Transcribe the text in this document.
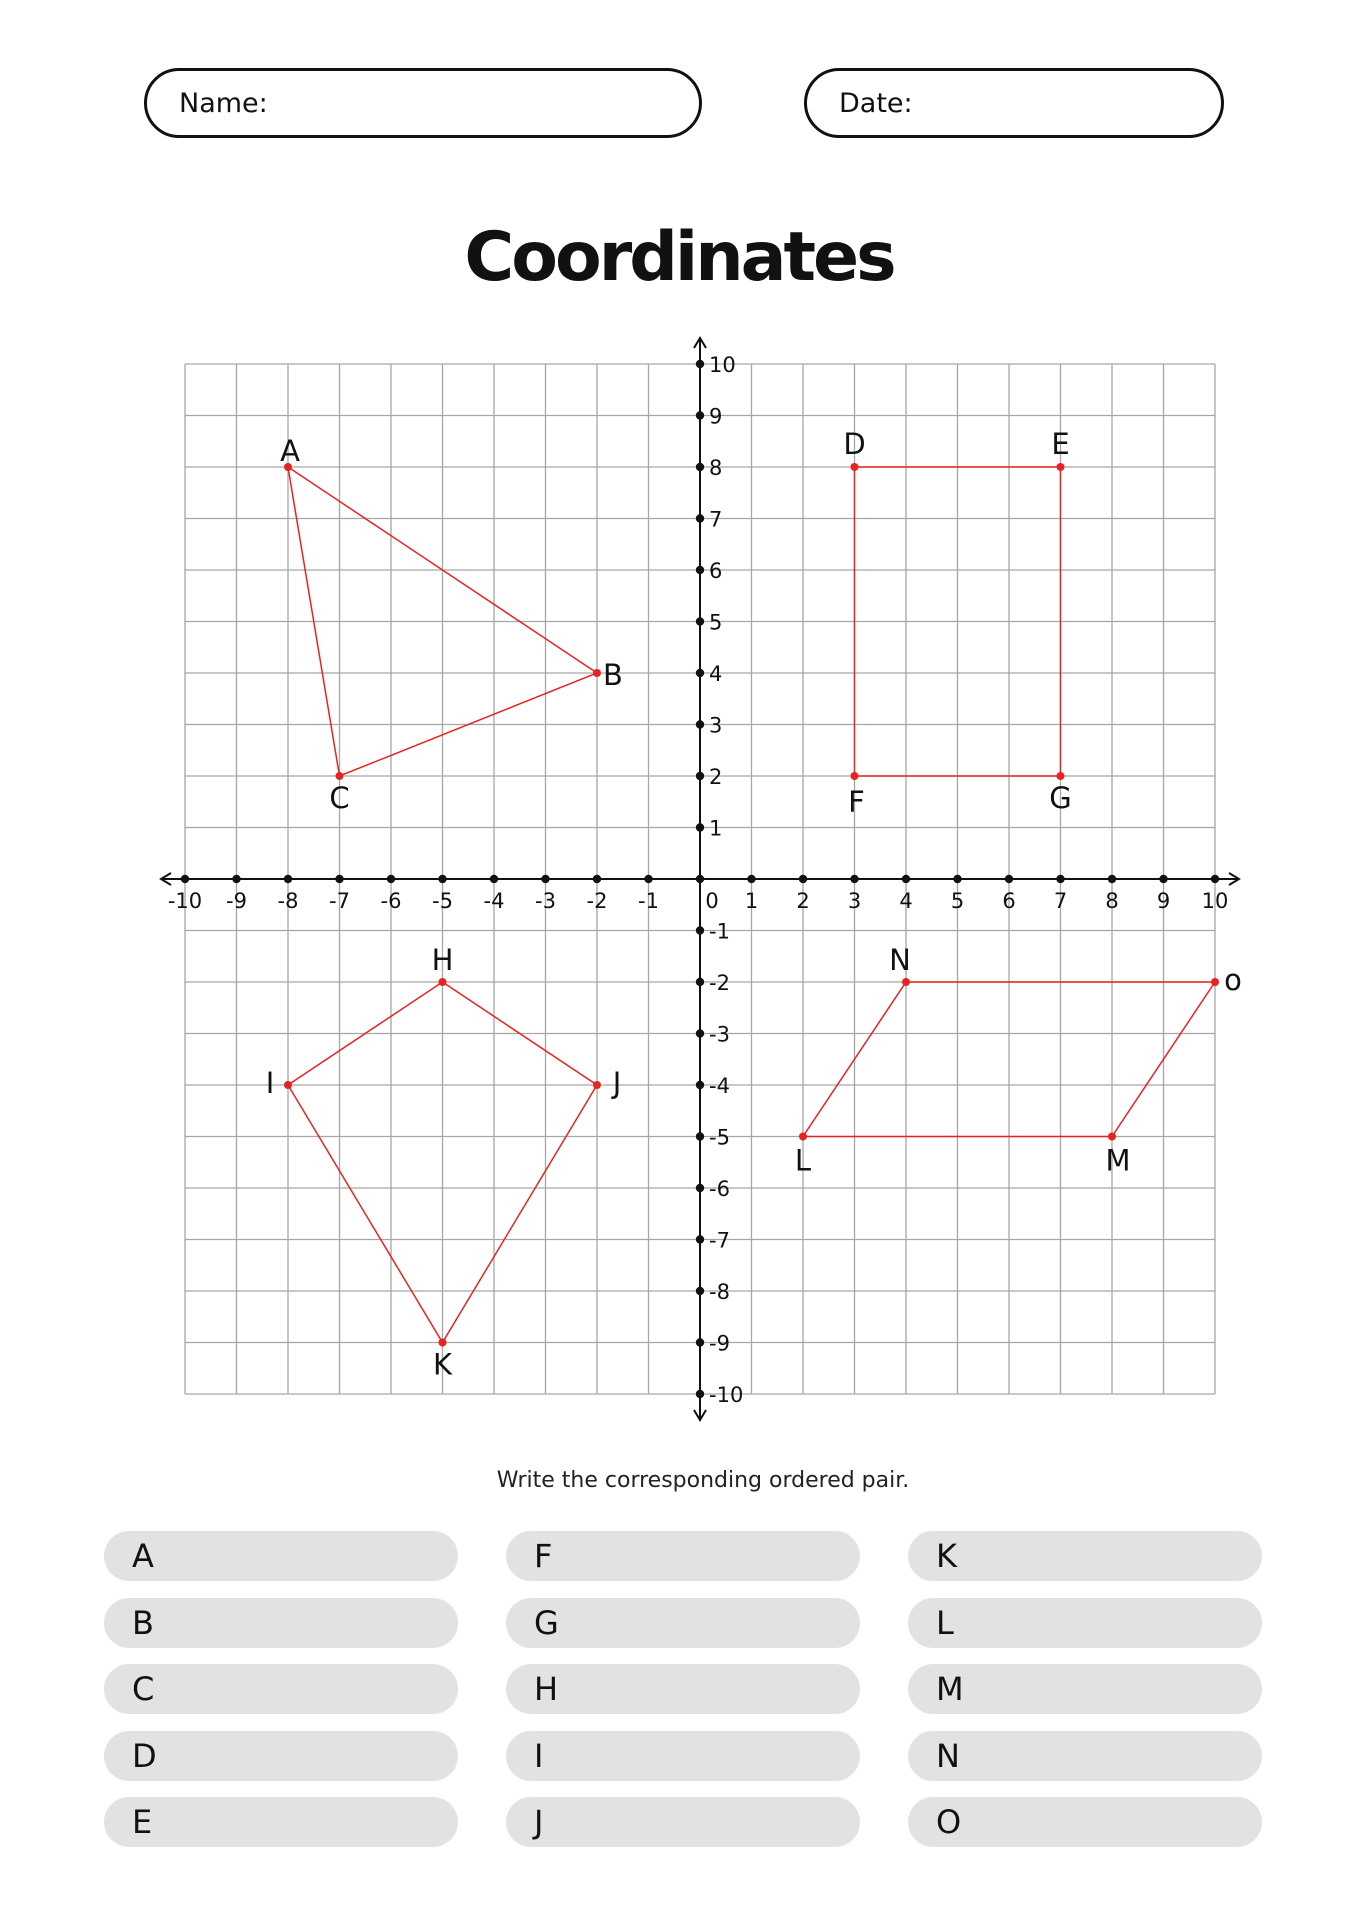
Name:	Date:
Coordinates
-10 -9 -8 -7 -6 -5 -4 -3 -2 -1 0 1 2 3 4 5 6 7 8 9 10
10
9
8
7
6
5
4
3
2
1
-1
-2
-3
-4
-5
-6
-7
-8
-9
-10
A
B
C
D	E
F	G
H
I	J
K
L	M
N
o
Write the corresponding ordered pair.
A	F	K
B	G	L
C	H	M
D	I	N
E	J	O
